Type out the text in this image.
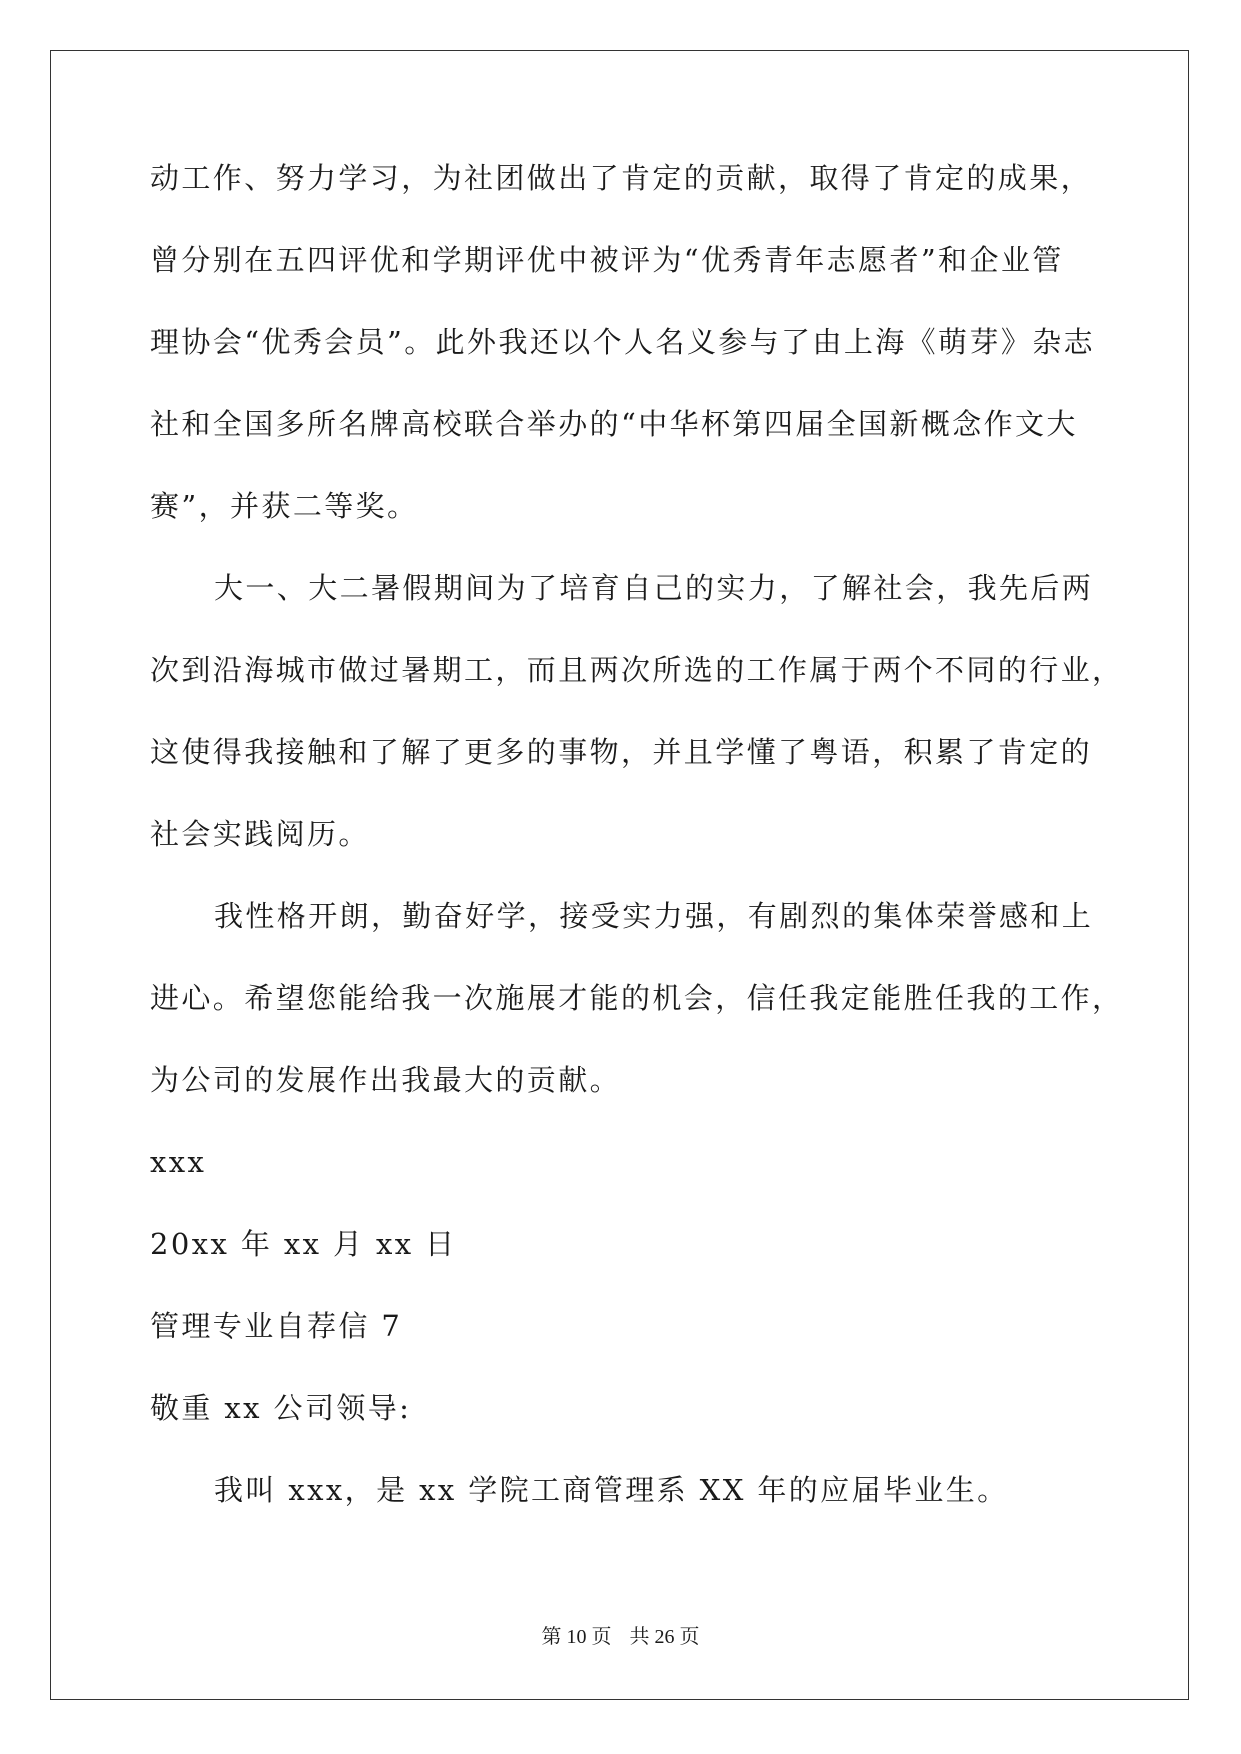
动工作、努力学习，为社团做出了肯定的贡献，取得了肯定的成果，
曾分别在五四评优和学期评优中被评为“优秀青年志愿者”和企业管
理协会“优秀会员”。此外我还以个人名义参与了由上海《萌芽》杂志
社和全国多所名牌高校联合举办的“中华杯第四届全国新概念作文大
赛”，并获二等奖。
大一、大二暑假期间为了培育自己的实力，了解社会，我先后两
次到沿海城市做过暑期工，而且两次所选的工作属于两个不同的行业，
这使得我接触和了解了更多的事物，并且学懂了粤语，积累了肯定的
社会实践阅历。
我性格开朗，勤奋好学，接受实力强，有剧烈的集体荣誉感和上
进心。希望您能给我一次施展才能的机会，信任我定能胜任我的工作，
为公司的发展作出我最大的贡献。
xxx
20xx 年 xx 月 xx 日
管理专业自荐信 7
敬重 xx 公司领导:
我叫 xxx，是 xx 学院工商管理系 XX 年的应届毕业生。
第 10 页 共 26 页
